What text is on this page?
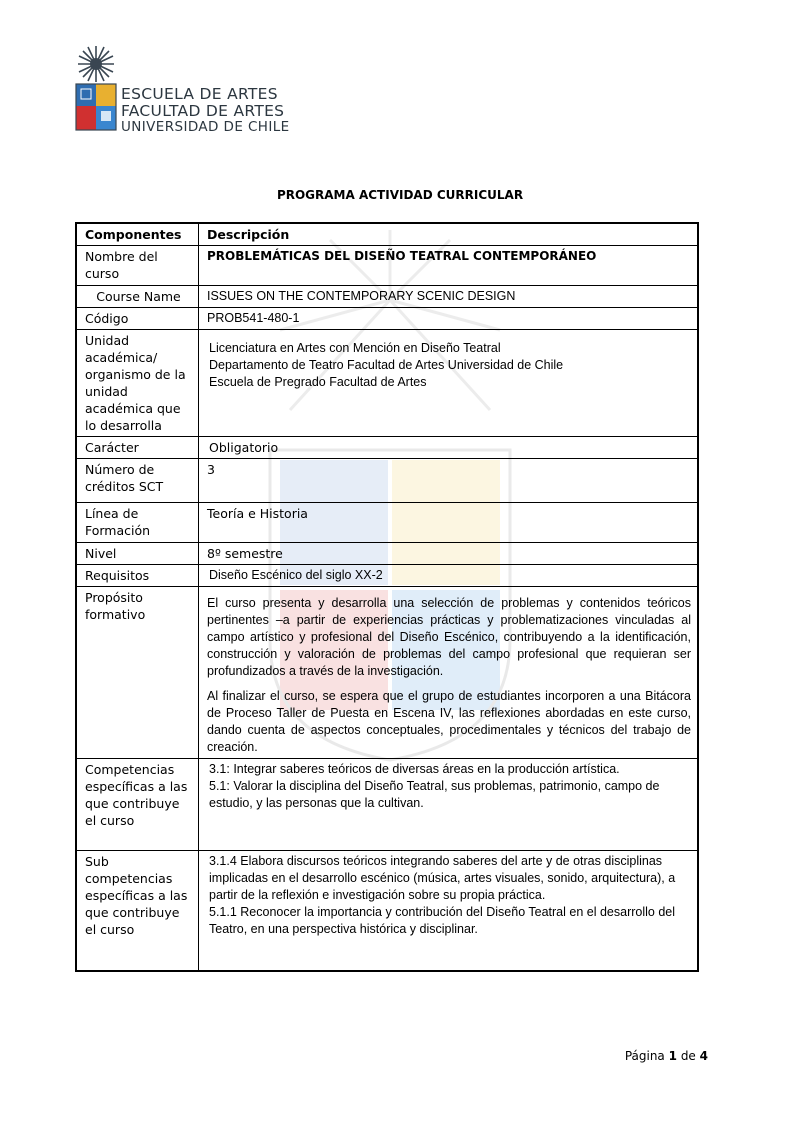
ESCUELA DE ARTES
FACULTAD DE ARTES
UNIVERSIDAD DE CHILE
PROGRAMA ACTIVIDAD CURRICULAR
Componentes	Descripción
Nombre del curso	PROBLEMÁTICAS DEL DISEÑO TEATRAL CONTEMPORÁNEO
Course Name	ISSUES ON THE CONTEMPORARY SCENIC DESIGN
Código	PROB541-480-1
Unidad académica/ organismo de la unidad académica que lo desarrolla	Licenciatura en Artes con Mención en Diseño Teatral
Departamento de Teatro Facultad de Artes Universidad de Chile
Escuela de Pregrado Facultad de Artes

Carácter	Obligatorio
Número de créditos SCT	3
Línea de Formación	Teoría e Historia
Nivel	8º semestre
Requisitos	Diseño Escénico del siglo XX-2
Propósito formativo	El curso presenta y desarrolla una selección de problemas y contenidos teóricos pertinentes –a partir de experiencias prácticas y problematizaciones vinculadas al campo artístico y profesional del Diseño Escénico, contribuyendo a la identificación, construcción y valoración de problemas del campo profesional que requieran ser profundizados a través de la investigación.

Al finalizar el curso, se espera que el grupo de estudiantes incorporen a una Bitácora de Proceso Taller de Puesta en Escena IV, las reflexiones abordadas en este curso, dando cuenta de aspectos conceptuales, procedimentales y técnicos del trabajo de creación.

Competencias específicas a las que contribuye el curso	3.1: Integrar saberes teóricos de diversas áreas en la producción artística.
5.1: Valorar la disciplina del Diseño Teatral, sus problemas, patrimonio, campo de estudio, y las personas que la cultivan.

Sub competencias específicas a las que contribuye el curso	3.1.4 Elabora discursos teóricos integrando saberes del arte y de otras disciplinas implicadas en el desarrollo escénico (música, artes visuales, sonido, arquitectura), a partir de la reflexión e investigación sobre su propia práctica.
5.1.1 Reconocer la importancia y contribución del Diseño Teatral en el desarrollo del Teatro, en una perspectiva histórica y disciplinar.
Página 1 de 4
